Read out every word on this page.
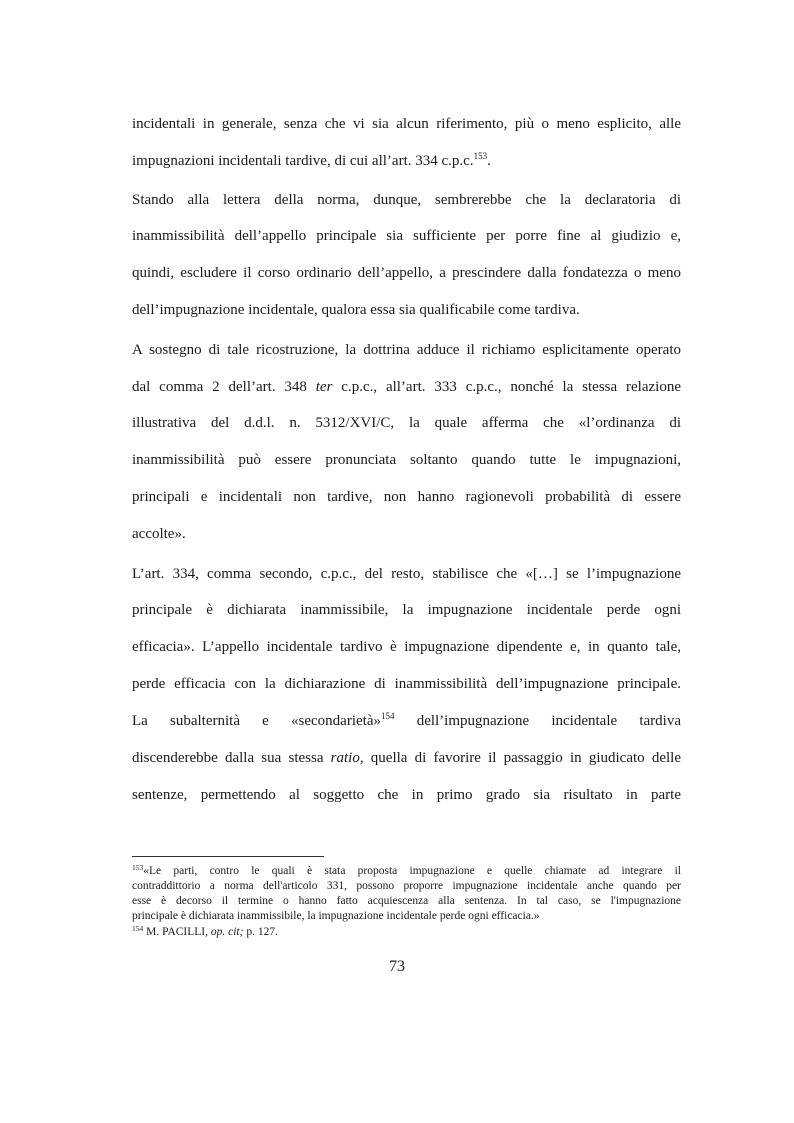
incidentali in generale, senza che vi sia alcun riferimento, più o meno esplicito, alle
impugnazioni incidentali tardive, di cui all’art. 334 c.p.c.$^{153}$.
Stando alla lettera della norma, dunque, sembrerebbe che la declaratoria di
inammissibilità dell’appello principale sia sufficiente per porre fine al giudizio e,
quindi, escludere il corso ordinario dell’appello, a prescindere dalla fondatezza o meno
dell’impugnazione incidentale, qualora essa sia qualificabile come tardiva.
A sostegno di tale ricostruzione, la dottrina adduce il richiamo esplicitamente operato
dal comma 2 dell’art. 348 ter c.p.c., all’art. 333 c.p.c., nonché la stessa relazione
illustrativa del d.d.l. n. 5312/XVI/C, la quale afferma che «l’ordinanza di
inammissibilità può essere pronunciata soltanto quando tutte le impugnazioni,
principali e incidentali non tardive, non hanno ragionevoli probabilità di essere
accolte».
L’art. 334, comma secondo, c.p.c., del resto, stabilisce che «[…] se l’impugnazione
principale è dichiarata inammissibile, la impugnazione incidentale perde ogni
efficacia». L’appello incidentale tardivo è impugnazione dipendente e, in quanto tale,
perde efficacia con la dichiarazione di inammissibilità dell’impugnazione principale.
La subalternità e «secondarietà»$^{154}$ dell’impugnazione incidentale tardiva
discenderebbe dalla sua stessa ratio, quella di favorire il passaggio in giudicato delle
sentenze, permettendo al soggetto che in primo grado sia risultato in parte
$^{153}$«Le parti, contro le quali è stata proposta impugnazione e quelle chiamate ad integrare il
contraddittorio a norma dell'articolo 331, possono proporre impugnazione incidentale anche quando per
esse è decorso il termine o hanno fatto acquiescenza alla sentenza. In tal caso, se l'impugnazione
principale è dichiarata inammissibile, la impugnazione incidentale perde ogni efficacia.»
$^{154}$ M. PACILLI, op. cit; p. 127.
73
